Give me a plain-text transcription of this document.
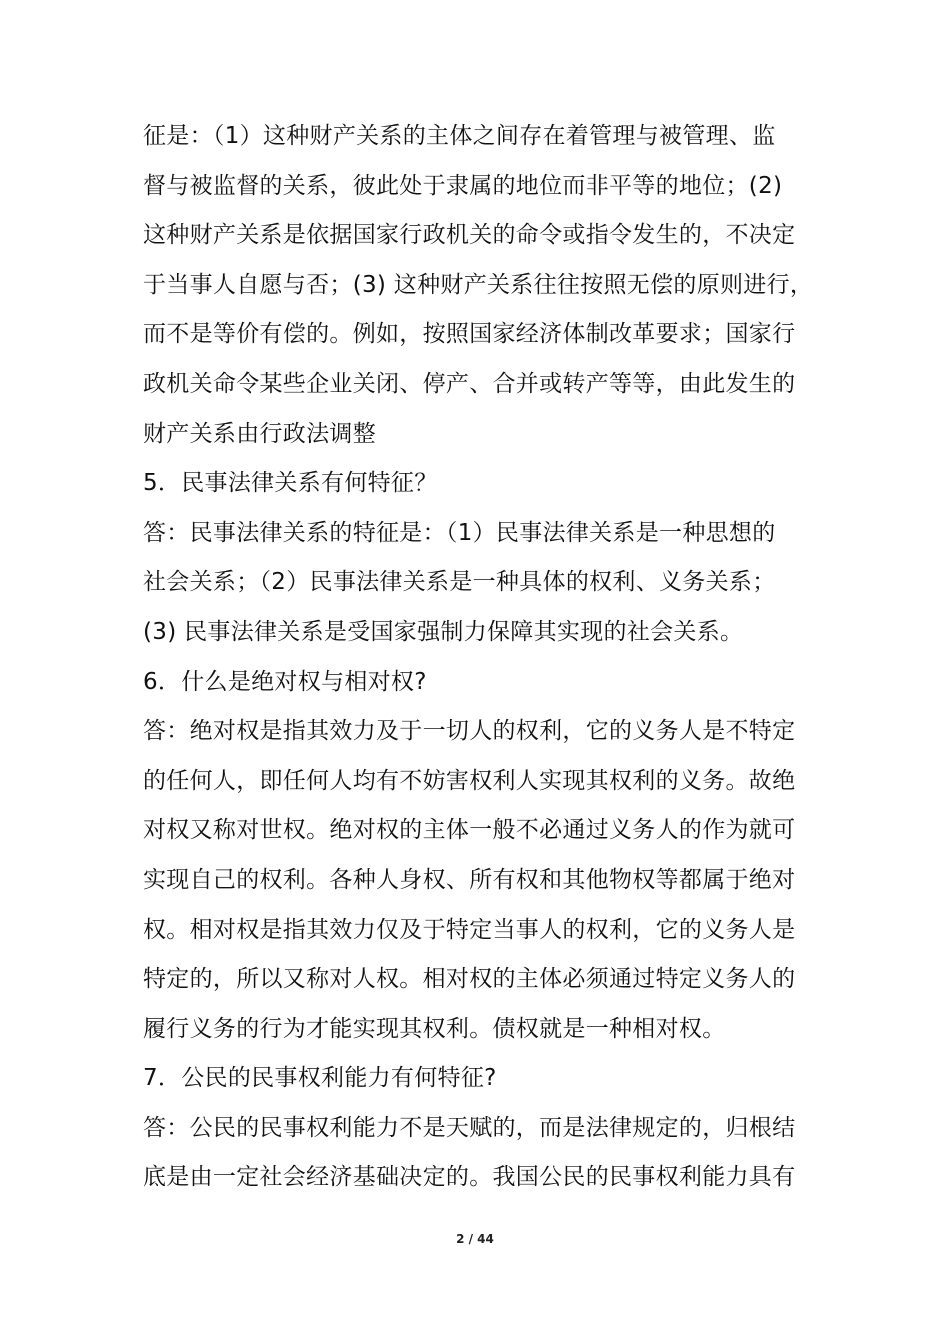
征是：（1）这种财产关系的主体之间存在着管理与被管理、监
督与被监督的关系，彼此处于隶属的地位而非平等的地位；(2)
这种财产关系是依据国家行政机关的命令或指令发生的，不决定
于当事人自愿与否；(3) 这种财产关系往往按照无偿的原则进行，
而不是等价有偿的。例如，按照国家经济体制改革要求；国家行
政机关命令某些企业关闭、停产、合并或转产等等，由此发生的
财产关系由行政法调整
5．民事法律关系有何特征？
答：民事法律关系的特征是：（1）民事法律关系是一种思想的
社会关系；（2）民事法律关系是一种具体的权利、义务关系；
(3) 民事法律关系是受国家强制力保障其实现的社会关系。
6．什么是绝对权与相对权?
答：绝对权是指其效力及于一切人的权利，它的义务人是不特定
的任何人，即任何人均有不妨害权利人实现其权利的义务。故绝
对权又称对世权。绝对权的主体一般不必通过义务人的作为就可
实现自己的权利。各种人身权、所有权和其他物权等都属于绝对
权。相对权是指其效力仅及于特定当事人的权利，它的义务人是
特定的，所以又称对人权。相对权的主体必须通过特定义务人的
履行义务的行为才能实现其权利。债权就是一种相对权。
7．公民的民事权利能力有何特征?
答：公民的民事权利能力不是天赋的，而是法律规定的，归根结
底是由一定社会经济基础决定的。我国公民的民事权利能力具有
2 / 44
